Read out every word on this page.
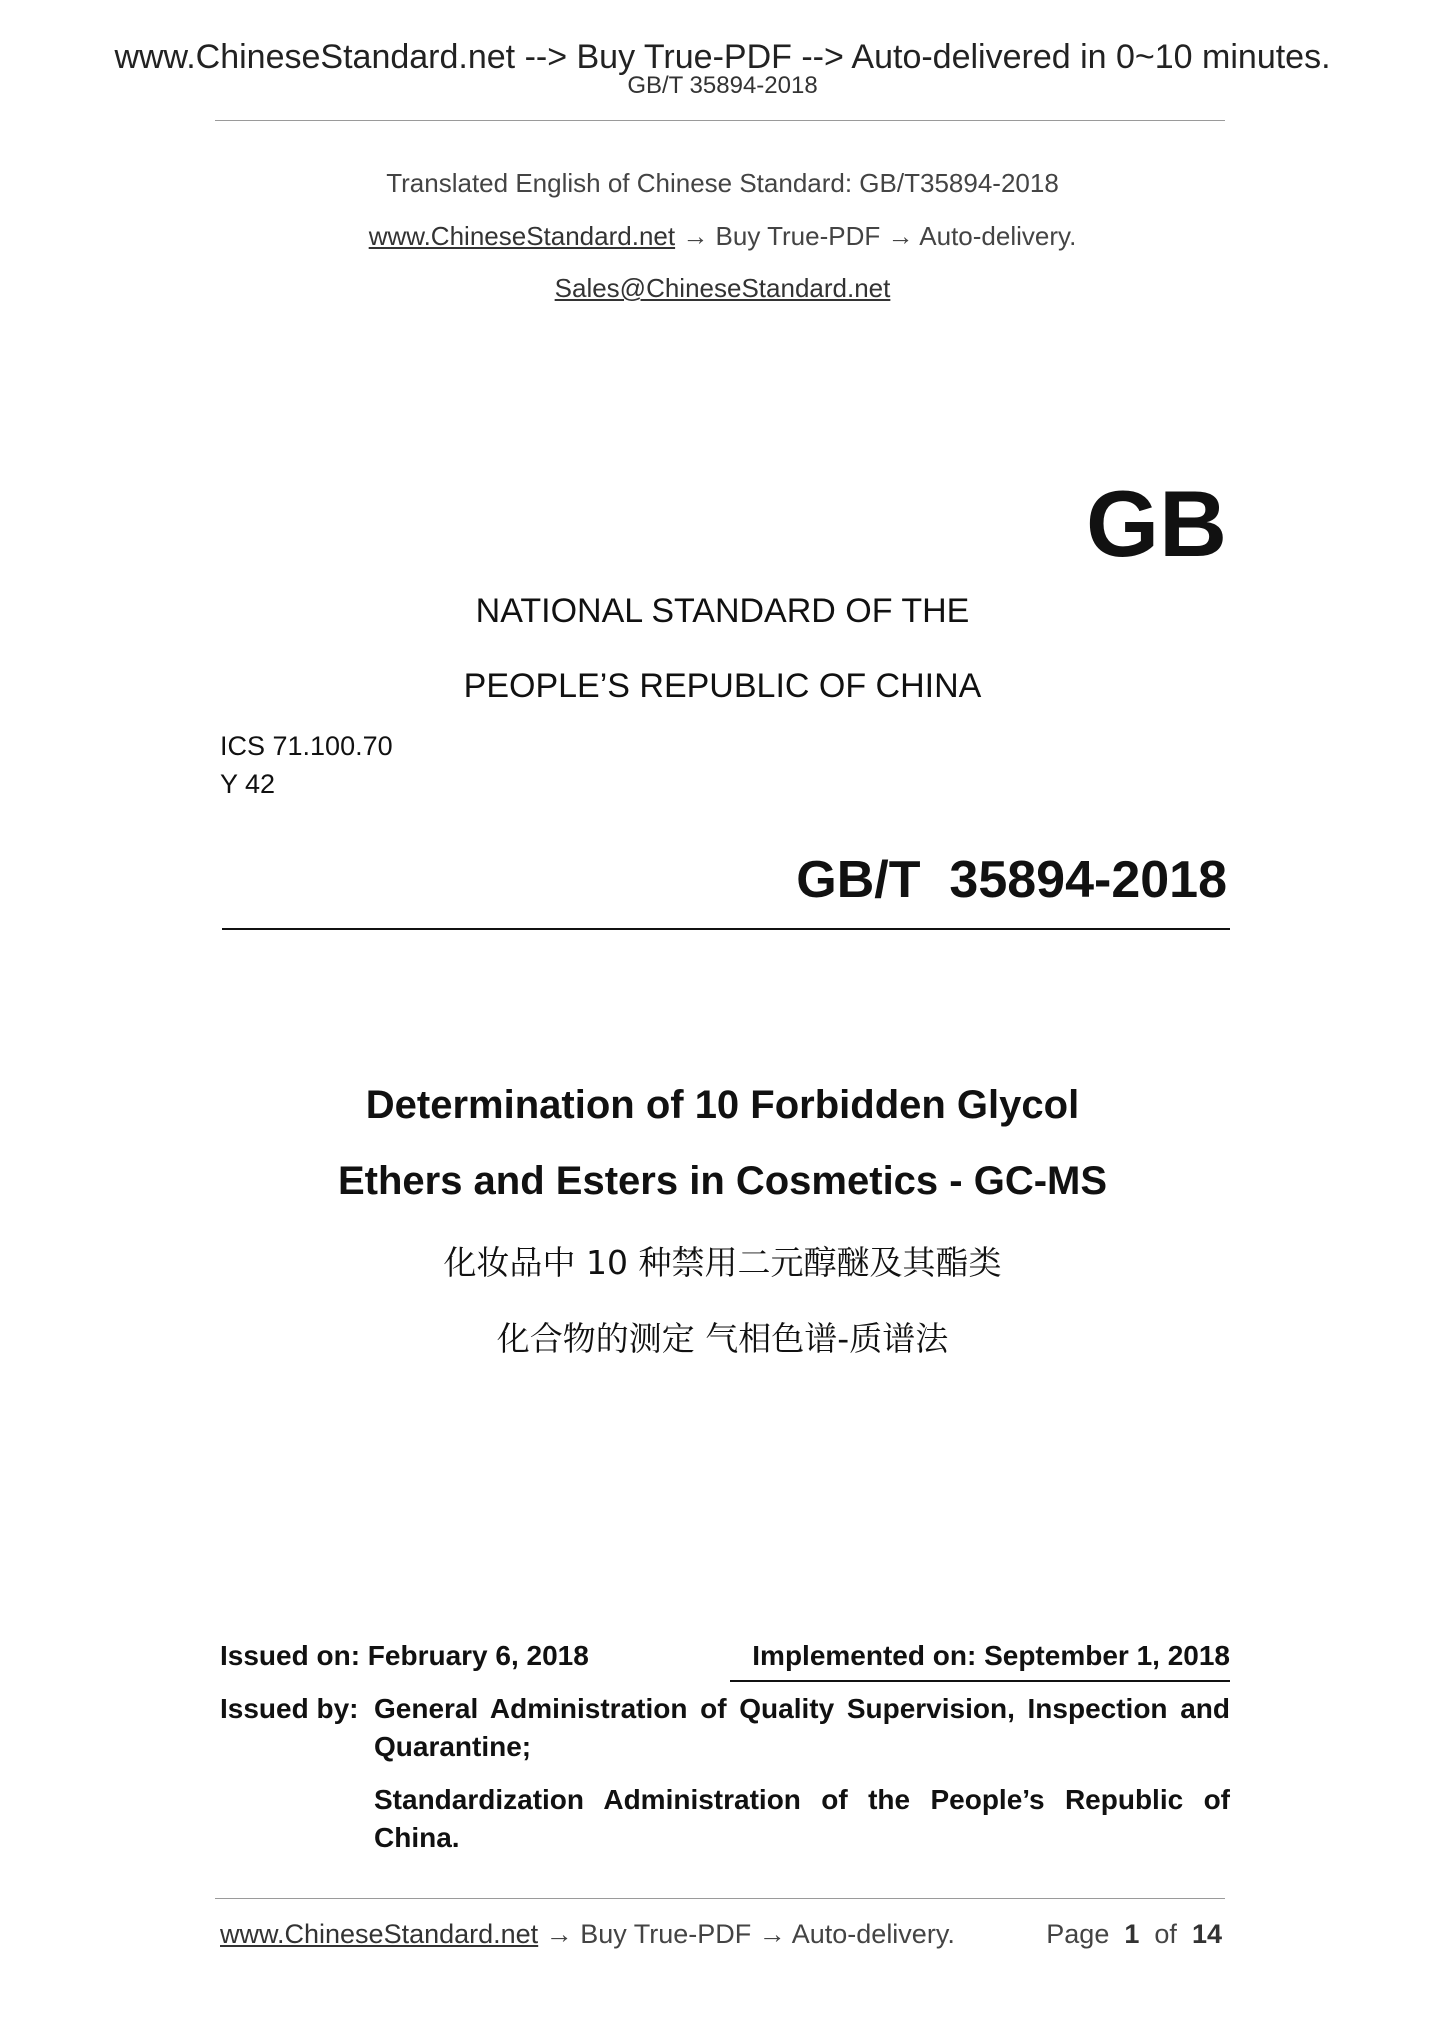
www.ChineseStandard.net --> Buy True-PDF --> Auto-delivered in 0~10 minutes.
GB/T 35894-2018
Translated English of Chinese Standard: GB/T35894-2018
www.ChineseStandard.net → Buy True-PDF → Auto-delivery.
Sales@ChineseStandard.net
GB
NATIONAL STANDARD OF THE
PEOPLE’S REPUBLIC OF CHINA
ICS 71.100.70
Y 42
GB/T  35894-2018
Determination of 10 Forbidden Glycol
Ethers and Esters in Cosmetics - GC-MS
化妆品中 10 种禁用二元醇醚及其酯类
化合物的测定 气相色谱-质谱法
Issued on: February 6, 2018	Implemented on: September 1, 2018
Issued by: General Administration of Quality Supervision, Inspection and
Quarantine;
Standardization Administration of the People’s Republic of
China.
www.ChineseStandard.net → Buy True-PDF → Auto-delivery.	Page 1 of 14
